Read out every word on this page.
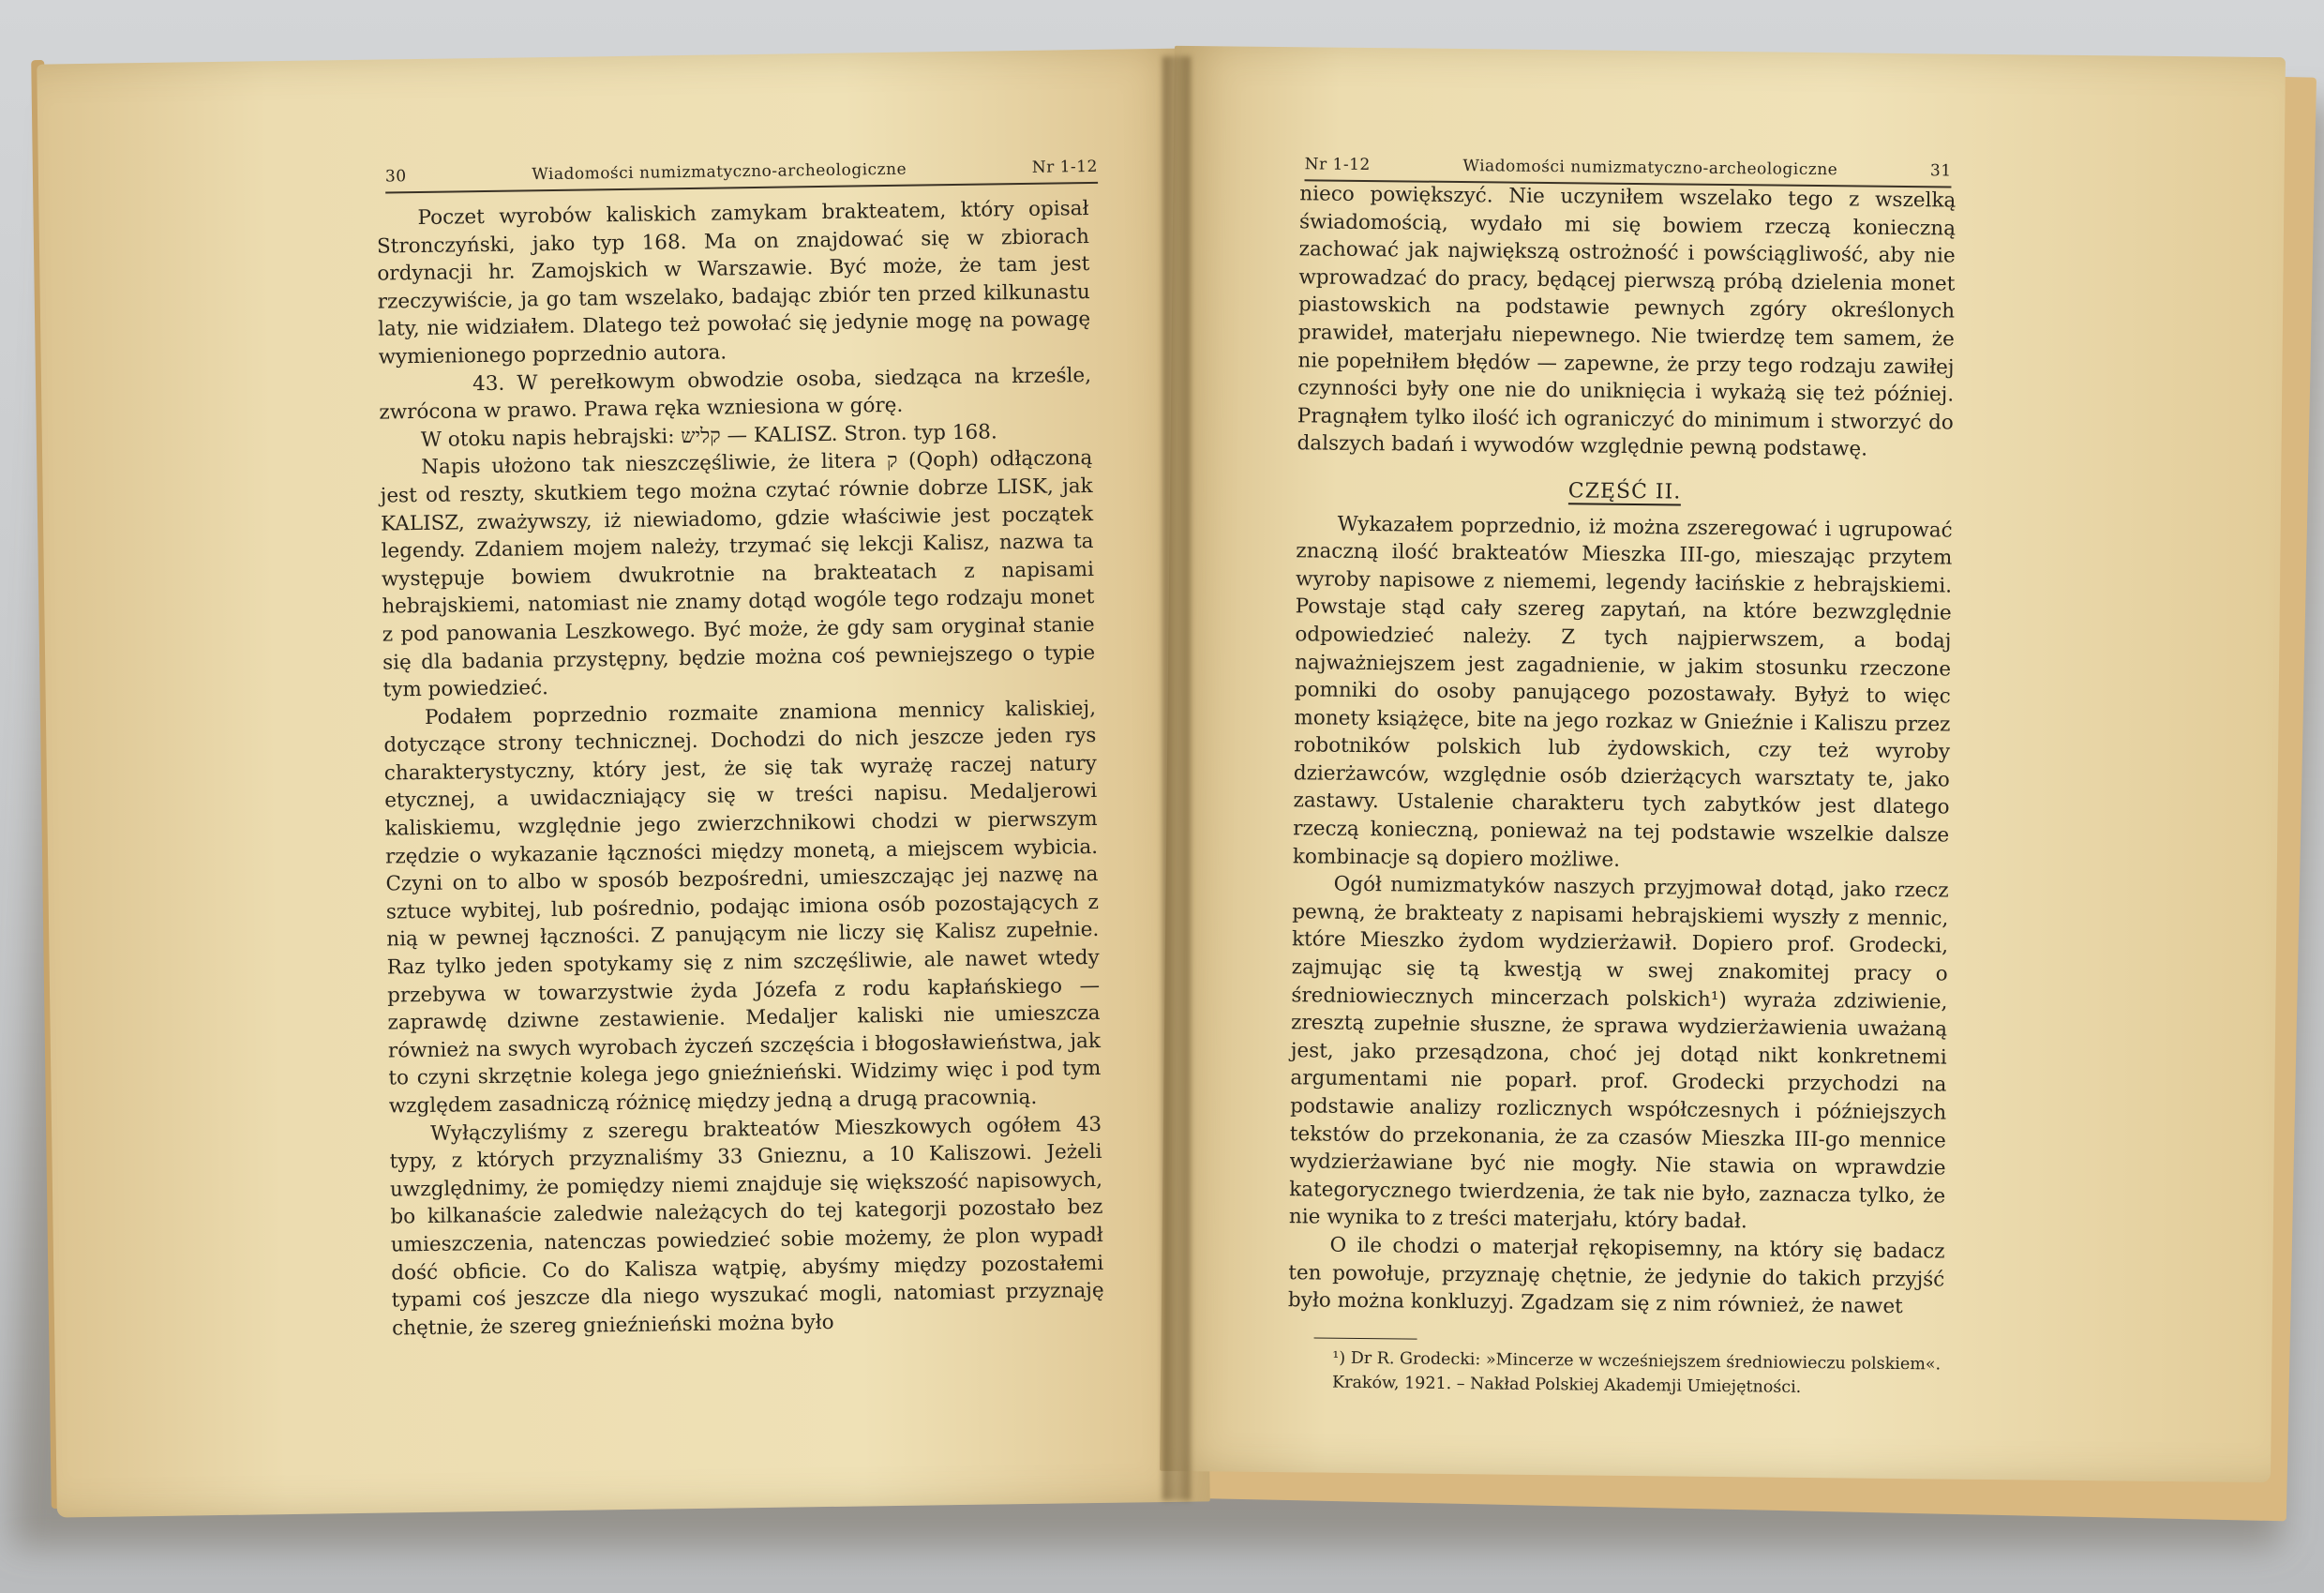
30	Wiadomości numizmatyczno-archeologiczne	Nr 1-12

Poczet wyrobów kaliskich zamykam brakteatem, który opisał Stronczyński, jako typ 168. Ma on znajdować się w zbiorach ordynacji hr. Zamojskich w Warszawie. Być może, że tam jest rzeczywiście, ja go tam wszelako, badając zbiór ten przed kilkunastu laty, nie widziałem. Dlatego też powołać się jedynie mogę na powagę wymienionego poprzednio autora.

43. W perełkowym obwodzie osoba, siedząca na krześle, zwrócona w prawo. Prawa ręka wzniesiona w górę.

W otoku napis hebrajski: קליש — KALISZ. Stron. typ 168.

Napis ułożono tak nieszczęśliwie, że litera ק (Qoph) odłączoną jest od reszty, skutkiem tego można czytać równie dobrze LISK, jak KALISZ, zważywszy, iż niewiadomo, gdzie właściwie jest początek legendy. Zdaniem mojem należy, trzymać się lekcji Kalisz, nazwa ta występuje bowiem dwukrotnie na brakteatach z napisami hebrajskiemi, natomiast nie znamy dotąd wogóle tego rodzaju monet z pod panowania Leszkowego. Być może, że gdy sam oryginał stanie się dla badania przystępny, będzie można coś pewniejszego o typie tym powiedzieć.

Podałem poprzednio rozmaite znamiona mennicy kaliskiej, dotyczące strony technicznej. Dochodzi do nich jeszcze jeden rys charakterystyczny, który jest, że się tak wyrażę raczej natury etycznej, a uwidaczniający się w treści napisu. Medaljerowi kaliskiemu, względnie jego zwierzchnikowi chodzi w pierwszym rzędzie o wykazanie łączności między monetą, a miejscem wybicia. Czyni on to albo w sposób bezpośredni, umieszczając jej nazwę na sztuce wybitej, lub pośrednio, podając imiona osób pozostających z nią w pewnej łączności. Z panującym nie liczy się Kalisz zupełnie. Raz tylko jeden spotykamy się z nim szczęśliwie, ale nawet wtedy przebywa w towarzystwie żyda Józefa z rodu kapłańskiego — zaprawdę dziwne zestawienie. Medaljer kaliski nie umieszcza również na swych wyrobach życzeń szczęścia i błogosławieństwa, jak to czyni skrzętnie kolega jego gnieźnieński. Widzimy więc i pod tym względem zasadniczą różnicę między jedną a drugą pracownią.

Wyłączyliśmy z szeregu brakteatów Mieszkowych ogółem 43 typy, z których przyznaliśmy 33 Gnieznu, a 10 Kaliszowi. Jeżeli uwzględnimy, że pomiędzy niemi znajduje się większość napisowych, bo kilkanaście zaledwie należących do tej kategorji pozostało bez umieszczenia, natenczas powiedzieć sobie możemy, że plon wypadł dość obficie. Co do Kalisza wątpię, abyśmy między pozostałemi typami coś jeszcze dla niego wyszukać mogli, natomiast przyznaję chętnie, że szereg gnieźnieński można było

Nr 1-12	Wiadomości numizmatyczno-archeologiczne	31

nieco powiększyć. Nie uczyniłem wszelako tego z wszelką świadomością, wydało mi się bowiem rzeczą konieczną zachować jak największą ostrożność i powściągliwość, aby nie wprowadzać do pracy, będącej pierwszą próbą dzielenia monet piastowskich na podstawie pewnych zgóry określonych prawideł, materjału niepewnego. Nie twierdzę tem samem, że nie popełniłem błędów — zapewne, że przy tego rodzaju zawiłej czynności były one nie do uniknięcia i wykażą się też później. Pragnąłem tylko ilość ich ograniczyć do minimum i stworzyć do dalszych badań i wywodów względnie pewną podstawę.

CZĘŚĆ II.

Wykazałem poprzednio, iż można zszeregować i ugrupować znaczną ilość brakteatów Mieszka III-go, mieszając przytem wyroby napisowe z niememi, legendy łacińskie z hebrajskiemi. Powstaje stąd cały szereg zapytań, na które bezwzględnie odpowiedzieć należy. Z tych najpierwszem, a bodaj najważniejszem jest zagadnienie, w jakim stosunku rzeczone pomniki do osoby panującego pozostawały. Byłyż to więc monety książęce, bite na jego rozkaz w Gnieźnie i Kaliszu przez robotników polskich lub żydowskich, czy też wyroby dzierżawców, względnie osób dzierżących warsztaty te, jako zastawy. Ustalenie charakteru tych zabytków jest dlatego rzeczą konieczną, ponieważ na tej podstawie wszelkie dalsze kombinacje są dopiero możliwe.

Ogół numizmatyków naszych przyjmował dotąd, jako rzecz pewną, że brakteaty z napisami hebrajskiemi wyszły z mennic, które Mieszko żydom wydzierżawił. Dopiero prof. Grodecki, zajmując się tą kwestją w swej znakomitej pracy o średniowiecznych mincerzach polskich¹) wyraża zdziwienie, zresztą zupełnie słuszne, że sprawa wydzierżawienia uważaną jest, jako przesądzona, choć jej dotąd nikt konkretnemi argumentami nie poparł. prof. Grodecki przychodzi na podstawie analizy rozlicznych współczesnych i późniejszych tekstów do przekonania, że za czasów Mieszka III-go mennice wydzierżawiane być nie mogły. Nie stawia on wprawdzie kategorycznego twierdzenia, że tak nie było, zaznacza tylko, że nie wynika to z treści materjału, który badał.

O ile chodzi o materjał rękopisemny, na który się badacz ten powołuje, przyznaję chętnie, że jedynie do takich przyjść było można konkluzyj. Zgadzam się z nim również, że nawet

¹) Dr R. Grodecki: »Mincerze w wcześniejszem średniowieczu polskiem«.

Kraków, 1921. – Nakład Polskiej Akademji Umiejętności.
